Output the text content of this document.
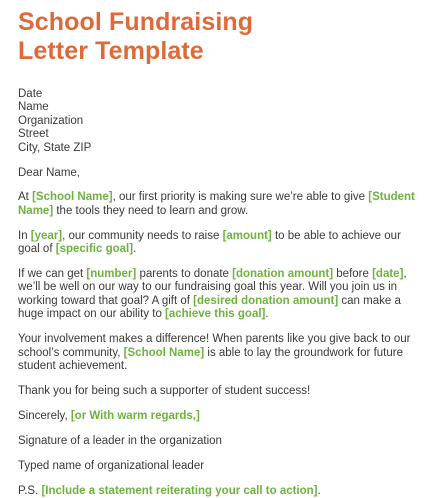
School Fundraising
Letter Template
Date
Name
Organization
Street
City, State ZIP

Dear Name,

At [School Name], our first priority is making sure we’re able to give [Student Name] the tools they need to learn and grow.

In [year], our community needs to raise [amount] to be able to achieve our goal of [specific goal].

If we can get [number] parents to donate [donation amount] before [date], we’ll be well on our way to our fundraising goal this year. Will you join us in working toward that goal? A gift of [desired donation amount] can make a huge impact on our ability to [achieve this goal].

Your involvement makes a difference! When parents like you give back to our school’s community, [School Name] is able to lay the groundwork for future student achievement.

Thank you for being such a supporter of student success!

Sincerely, [or With warm regards,]

Signature of a leader in the organization

Typed name of organizational leader

P.S. [Include a statement reiterating your call to action].
